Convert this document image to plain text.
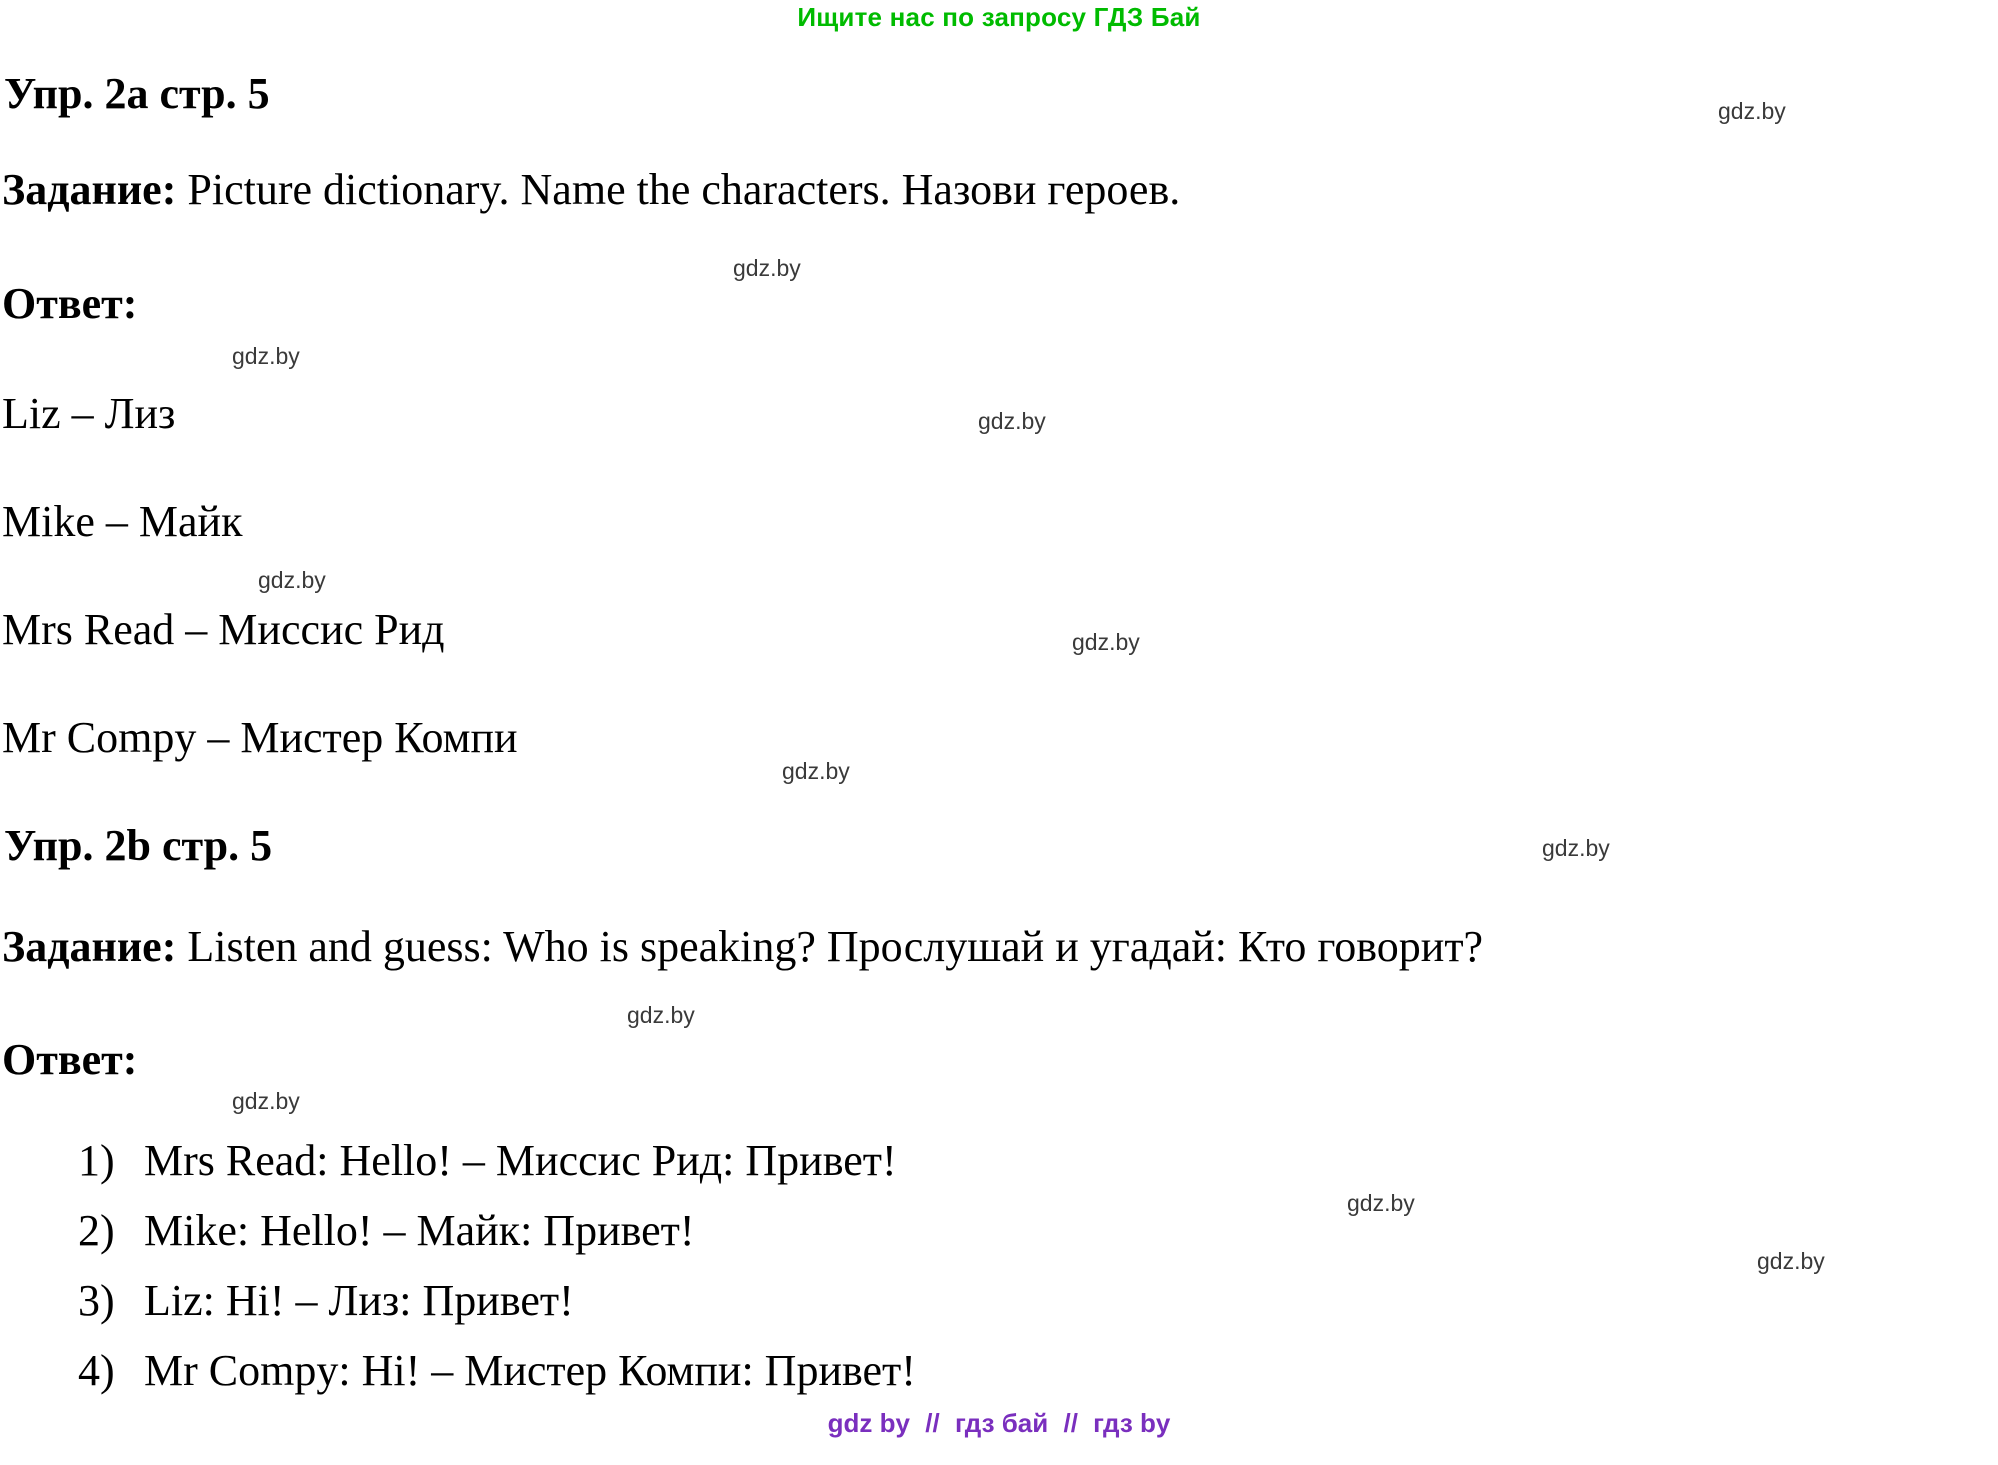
Ищите нас по запросу ГДЗ Бай
Упр. 2а стр. 5
Задание: Picture dictionary. Name the characters. Назови героев.
Ответ:
Liz – Лиз
Mike – Майк
Mrs Read – Миссис Рид
Mr Compy – Мистер Компи
Упр. 2b стр. 5
Задание: Listen and guess: Who is speaking? Прослушай и угадай: Кто говорит?
Ответ:
1) Mrs Read: Hello! – Миссис Рид: Привет!
2) Mike: Hello! – Майк: Привет!
3) Liz: Hi! – Лиз: Привет!
4) Mr Compy: Hi! – Мистер Компи: Привет!
gdz.by
gdz.by
gdz.by
gdz.by
gdz.by
gdz.by
gdz.by
gdz.by
gdz.by
gdz.by
gdz.by
gdz.by
gdz by // гдз бай // гдз by
